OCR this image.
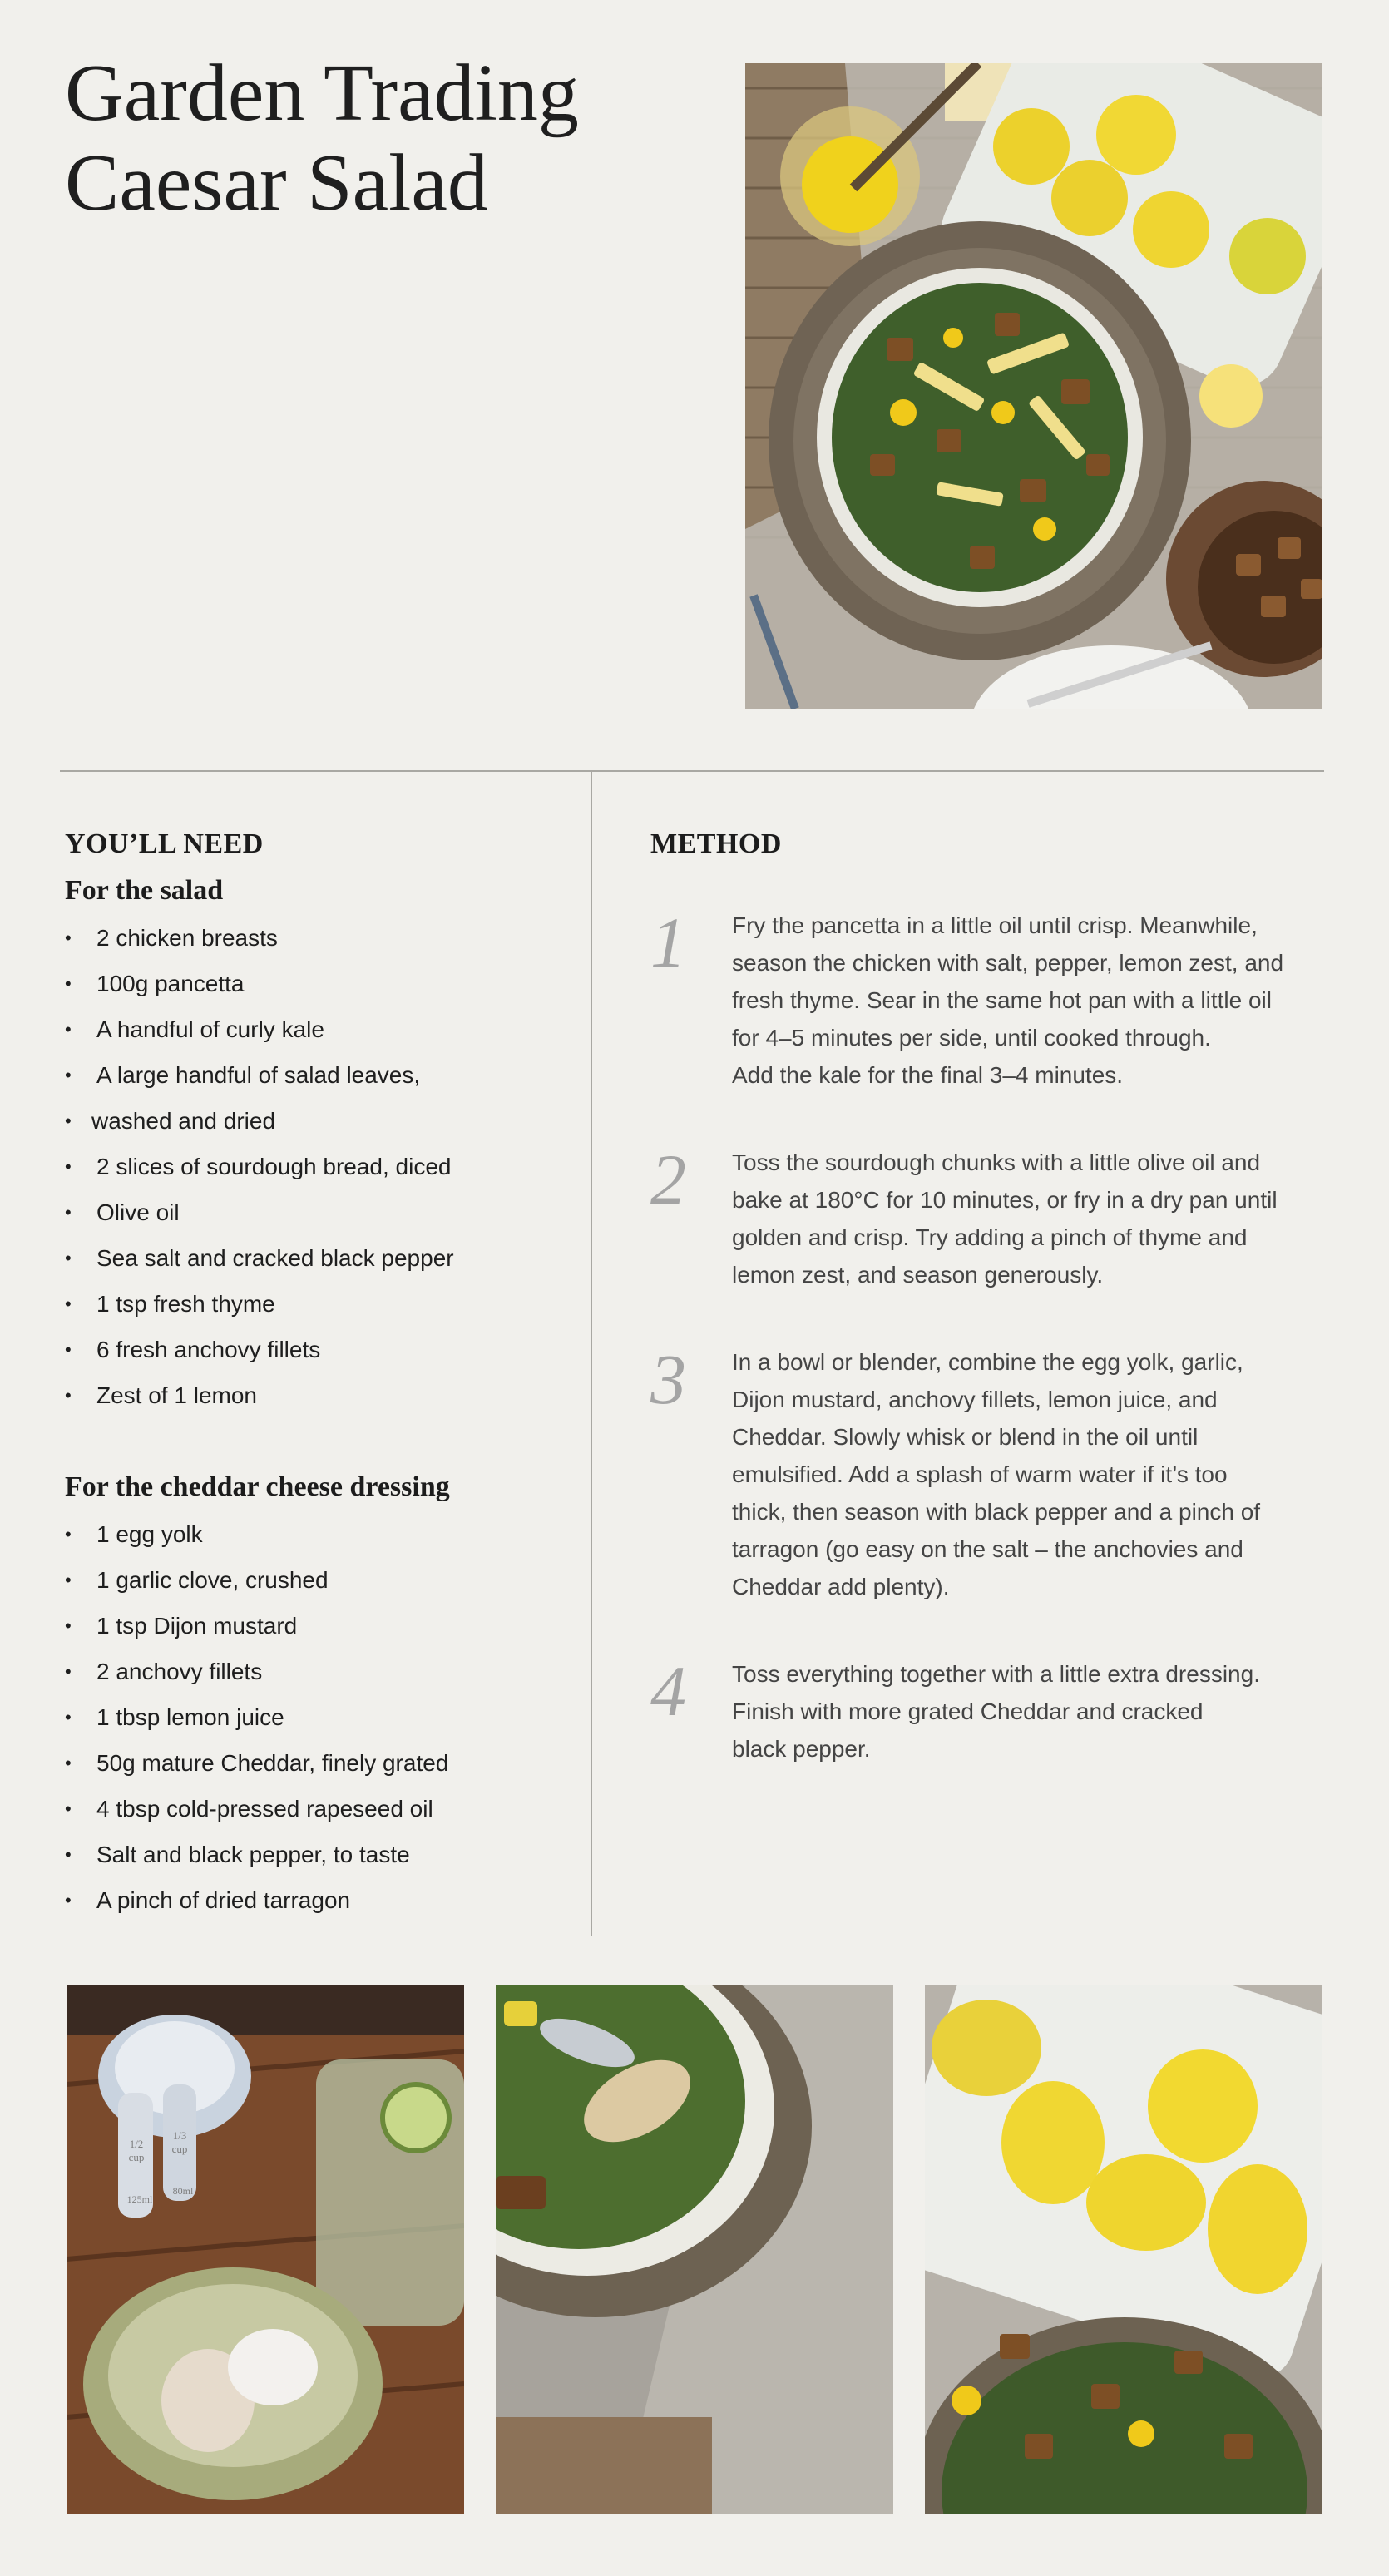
Garden Trading
Caesar Salad
YOU’LL NEED
For the salad
• 2 chicken breasts
• 100g pancetta
• A handful of curly kale
• A large handful of salad leaves,
• washed and dried
• 2 slices of sourdough bread, diced
• Olive oil
• Sea salt and cracked black pepper
• 1 tsp fresh thyme
• 6 fresh anchovy fillets
• Zest of 1 lemon
For the cheddar cheese dressing
• 1 egg yolk
• 1 garlic clove, crushed
• 1 tsp Dijon mustard
• 2 anchovy fillets
• 1 tbsp lemon juice
• 50g mature Cheddar, finely grated
• 4 tbsp cold-pressed rapeseed oil
• Salt and black pepper, to taste
• A pinch of dried tarragon
METHOD
1 Fry the pancetta in a little oil until crisp. Meanwhile,
season the chicken with salt, pepper, lemon zest, and
fresh thyme. Sear in the same hot pan with a little oil
for 4–5 minutes per side, until cooked through.
Add the kale for the final 3–4 minutes.

2 Toss the sourdough chunks with a little olive oil and
bake at 180°C for 10 minutes, or fry in a dry pan until
golden and crisp. Try adding a pinch of thyme and
lemon zest, and season generously.

3 In a bowl or blender, combine the egg yolk, garlic,
Dijon mustard, anchovy fillets, lemon juice, and
Cheddar. Slowly whisk or blend in the oil until
emulsified. Add a splash of warm water if it’s too
thick, then season with black pepper and a pinch of
tarragon (go easy on the salt – the anchovies and
Cheddar add plenty).

4 Toss everything together with a little extra dressing.
Finish with more grated Cheddar and cracked
black pepper.

1/2
cup
1/3
cup
125ml
80ml
